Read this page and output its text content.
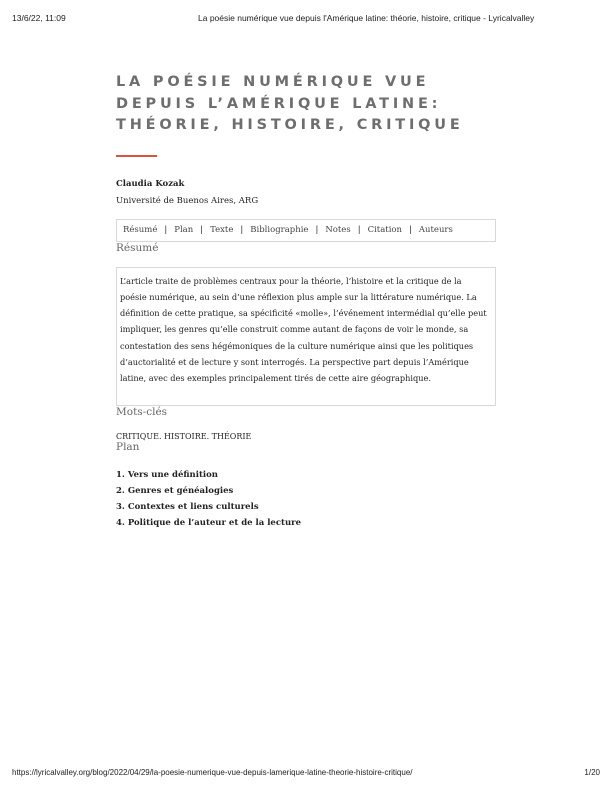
13/6/22, 11:09	La poésie numérique vue depuis l'Amérique latine: théorie, histoire, critique - Lyricalvalley
LA POÉSIE NUMÉRIQUE VUE DEPUIS L’AMÉRIQUE LATINE: THÉORIE, HISTOIRE, CRITIQUE
Claudia Kozak
Université de Buenos Aires, ARG
Résumé | Plan | Texte | Bibliographie | Notes | Citation | Auteurs
Résumé
L’article traite de problèmes centraux pour la théorie, l’histoire et la critique de la poésie numérique, au sein d’une réflexion plus ample sur la littérature numérique. La définition de cette pratique, sa spécificité «molle», l’événement intermédial qu’elle peut impliquer, les genres qu’elle construit comme autant de façons de voir le monde, sa contestation des sens hégémoniques de la culture numérique ainsi que les politiques d’auctorialité et de lecture y sont interrogés. La perspective part depuis l’Amérique latine, avec des exemples principalement tirés de cette aire géographique.
Mots-clés
CRITIQUE. HISTOIRE. THÉORIE
Plan
1. Vers une définition
2. Genres et généalogies
3. Contextes et liens culturels
4. Politique de l’auteur et de la lecture
https://lyricalvalley.org/blog/2022/04/29/la-poesie-numerique-vue-depuis-lamerique-latine-theorie-histoire-critique/	1/20
